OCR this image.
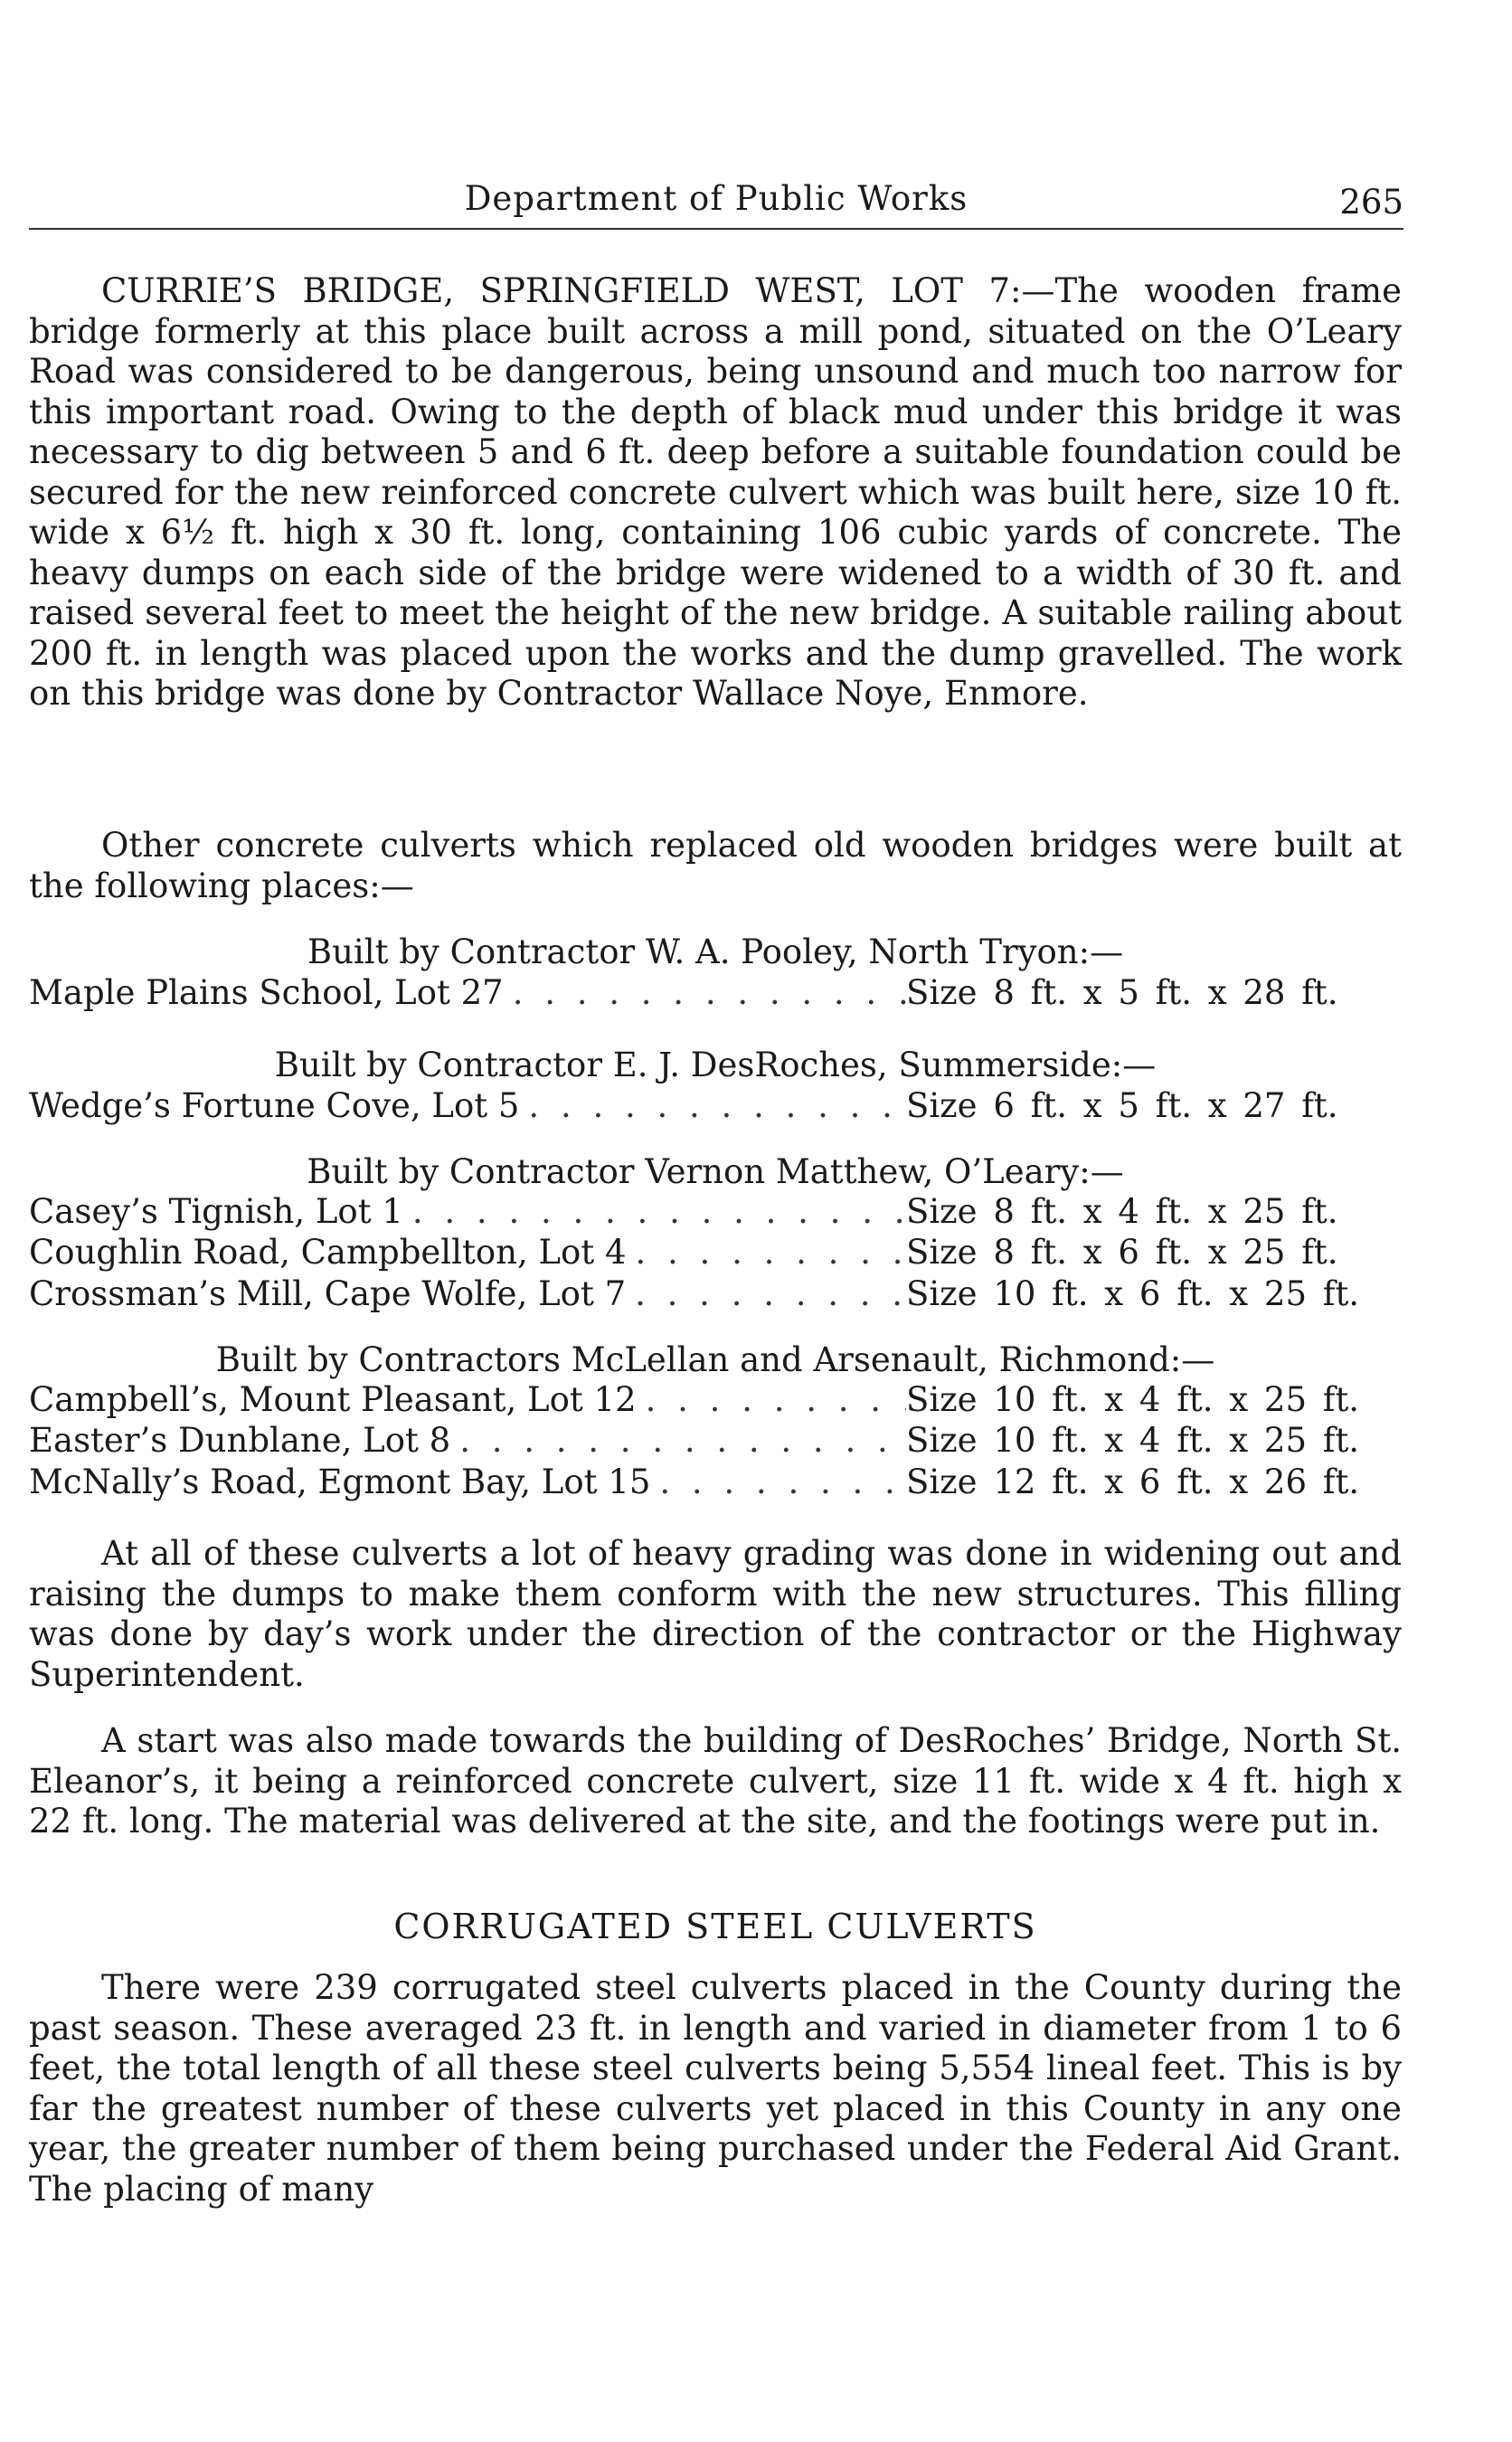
Department of Public Works	265

CURRIE’S BRIDGE, SPRINGFIELD WEST, LOT 7:—The wooden frame bridge formerly at this place built across a mill pond, situated on the O’Leary Road was considered to be dangerous, being unsound and much too narrow for this important road. Owing to the depth of black mud under this bridge it was necessary to dig between 5 and 6 ft. deep before a suitable foundation could be secured for the new reinforced concrete culvert which was built here, size 10 ft. wide x 6½ ft. high x 30 ft. long, containing 106 cubic yards of concrete. The heavy dumps on each side of the bridge were widened to a width of 30 ft. and raised several feet to meet the height of the new bridge. A suitable railing about 200 ft. in length was placed upon the works and the dump gravelled. The work on this bridge was done by Contractor Wallace Noye, Enmore.

Other concrete culverts which replaced old wooden bridges were built at the following places:—

Built by Contractor W. A. Pooley, North Tryon:—
Maple Plains School, Lot 27 . . .	Size 8 ft. x 5 ft. x 28 ft.
Built by Contractor E. J. DesRoches, Summerside:—
Wedge’s Fortune Cove, Lot 5 . . .	Size 6 ft. x 5 ft. x 27 ft.
Built by Contractor Vernon Matthew, O’Leary:—
Casey’s Tignish, Lot 1 . . .	Size 8 ft. x 4 ft. x 25 ft.
Coughlin Road, Campbellton, Lot 4 . . .	Size 8 ft. x 6 ft. x 25 ft.
Crossman’s Mill, Cape Wolfe, Lot 7 . . .	Size 10 ft. x 6 ft. x 25 ft.
Built by Contractors McLellan and Arsenault, Richmond:—
Campbell’s, Mount Pleasant, Lot 12 . . .	Size 10 ft. x 4 ft. x 25 ft.
Easter’s Dunblane, Lot 8 . . .	Size 10 ft. x 4 ft. x 25 ft.
McNally’s Road, Egmont Bay, Lot 15 . . .	Size 12 ft. x 6 ft. x 26 ft.

At all of these culverts a lot of heavy grading was done in widening out and raising the dumps to make them conform with the new structures. This filling was done by day’s work under the direction of the contractor or the Highway Superintendent.

A start was also made towards the building of DesRoches’ Bridge, North St. Eleanor’s, it being a reinforced concrete culvert, size 11 ft. wide x 4 ft. high x 22 ft. long. The material was delivered at the site, and the footings were put in.

CORRUGATED STEEL CULVERTS

There were 239 corrugated steel culverts placed in the County during the past season. These averaged 23 ft. in length and varied in diameter from 1 to 6 feet, the total length of all these steel culverts being 5,554 lineal feet. This is by far the greatest number of these culverts yet placed in this County in any one year, the greater number of them being purchased under the Federal Aid Grant. The placing of many
